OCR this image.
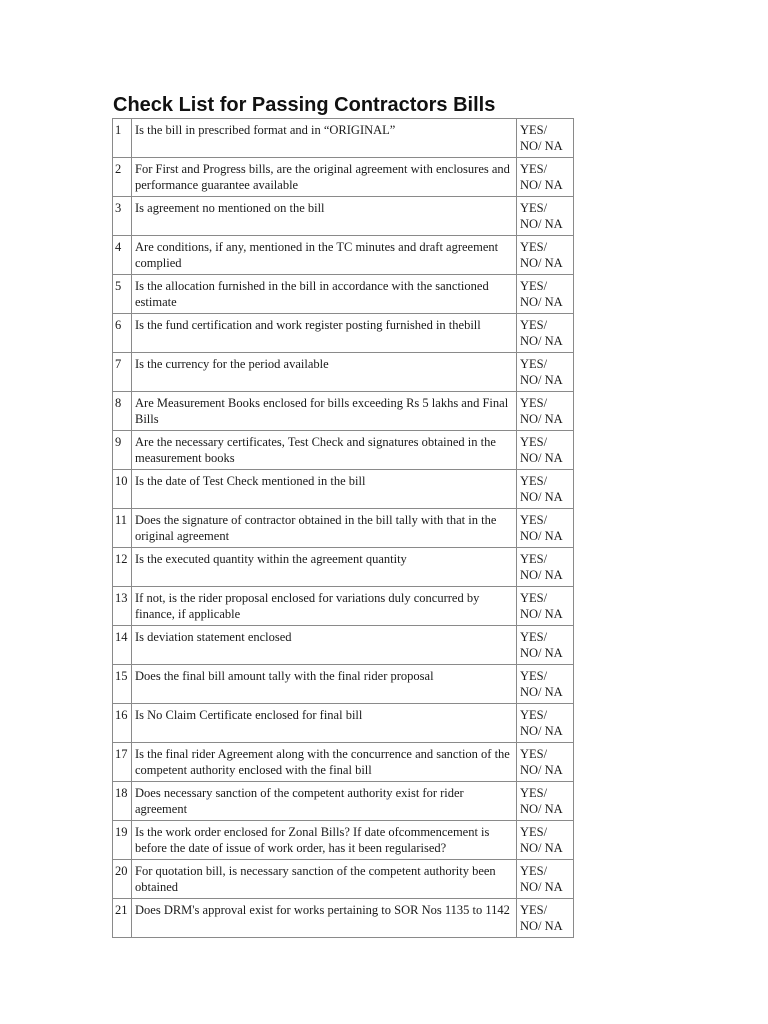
Check List for Passing Contractors Bills
1	Is the bill in prescribed format and in “ORIGINAL”	YES/
NO/ NA

2	For First and Progress bills, are the original agreement with enclosures and performance guarantee available	YES/
NO/ NA

3	Is agreement no mentioned on the bill	YES/
NO/ NA

4	Are conditions, if any, mentioned in the TC minutes and draft agreement complied	YES/
NO/ NA

5	Is the allocation furnished in the bill in accordance with the sanctioned estimate	YES/
NO/ NA

6	Is the fund certification and work register posting furnished in thebill	YES/
NO/ NA

7	Is the currency for the period available	YES/
NO/ NA

8	Are Measurement Books enclosed for bills exceeding Rs 5 lakhs and Final Bills	YES/
NO/ NA

9	Are the necessary certificates, Test Check and signatures obtained in the measurement books	YES/
NO/ NA

10	Is the date of Test Check mentioned in the bill	YES/
NO/ NA

11	Does the signature of contractor obtained in the bill tally with that in the original agreement	YES/
NO/ NA

12	Is the executed quantity within the agreement quantity	YES/
NO/ NA

13	If not, is the rider proposal enclosed for variations duly concurred by finance, if applicable	YES/
NO/ NA

14	Is deviation statement enclosed	YES/
NO/ NA

15	Does the final bill amount tally with the final rider proposal	YES/
NO/ NA

16	Is No Claim Certificate enclosed for final bill	YES/
NO/ NA

17	Is the final rider Agreement along with the concurrence and sanction of the competent authority enclosed with the final bill	YES/
NO/ NA

18	Does necessary sanction of the competent authority exist for rider agreement	YES/
NO/ NA

19	Is the work order enclosed for Zonal Bills? If date ofcommencement is before the date of issue of work order, has it been regularised?	YES/
NO/ NA

20	For quotation bill, is necessary sanction of the competent authority been obtained	YES/
NO/ NA

21	Does DRM's approval exist for works pertaining to SOR Nos 1135 to 1142	YES/
NO/ NA
